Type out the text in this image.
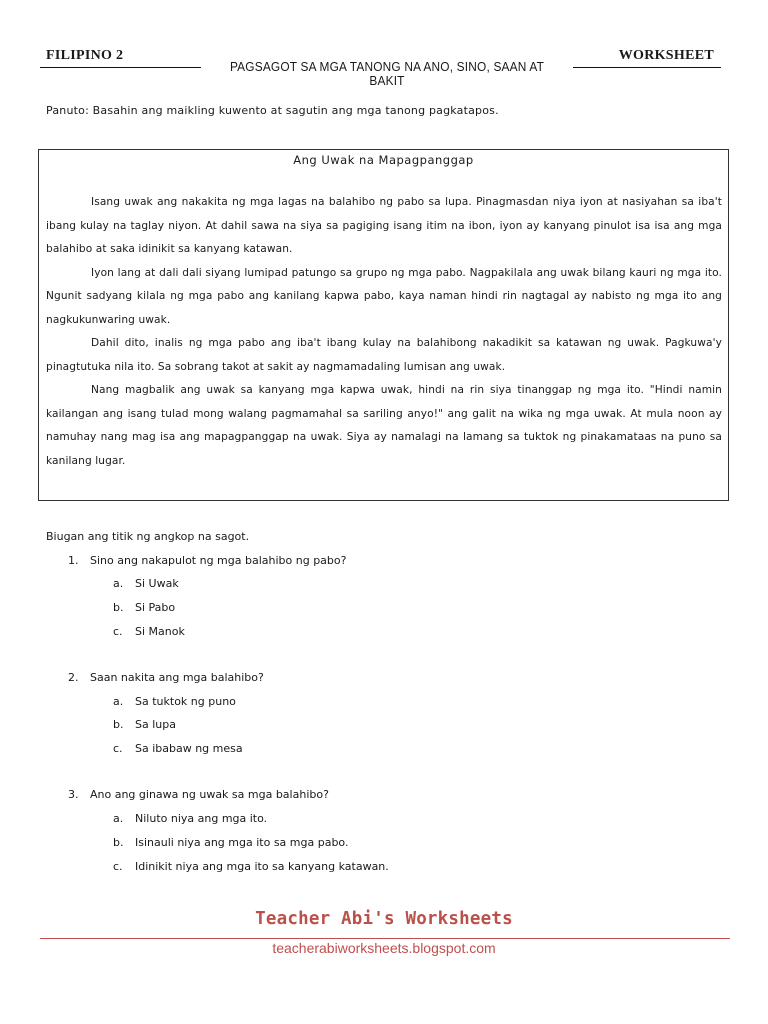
FILIPINO 2
PAGSAGOT SA MGA TANONG NA ANO, SINO, SAAN AT BAKIT
WORKSHEET
Panuto: Basahin ang maikling kuwento at sagutin ang mga tanong pagkatapos.
Ang Uwak na Mapagpanggap

Isang uwak ang nakakita ng mga lagas na balahibo ng pabo sa lupa. Pinagmasdan niya iyon at nasiyahan sa iba't ibang kulay na taglay niyon. At dahil sawa na siya sa pagiging isang itim na ibon, iyon ay kanyang pinulot isa isa ang mga balahibo at saka idinikit sa kanyang katawan.

Iyon lang at dali dali siyang lumipad patungo sa grupo ng mga pabo. Nagpakilala ang uwak bilang kauri ng mga ito. Ngunit sadyang kilala ng mga pabo ang kanilang kapwa pabo, kaya naman hindi rin nagtagal ay nabisto ng mga ito ang nagkukunwaring uwak.

Dahil dito, inalis ng mga pabo ang iba't ibang kulay na balahibong nakadikit sa katawan ng uwak. Pagkuwa'y pinagtutuka nila ito. Sa sobrang takot at sakit ay nagmamadaling lumisan ang uwak.

Nang magbalik ang uwak sa kanyang mga kapwa uwak, hindi na rin siya tinanggap ng mga ito. "Hindi namin kailangan ang isang tulad mong walang pagmamahal sa sariling anyo!" ang galit na wika ng mga uwak. At mula noon ay namuhay nang mag isa ang mapagpanggap na uwak. Siya ay namalagi na lamang sa tuktok ng pinakamataas na puno sa kanilang lugar.

Biugan ang titik ng angkop na sagot.
1. Sino ang nakapulot ng mga balahibo ng pabo?
a. Si Uwak
b. Si Pabo
c. Si Manok
2. Saan nakita ang mga balahibo?
a. Sa tuktok ng puno
b. Sa lupa
c. Sa ibabaw ng mesa
3. Ano ang ginawa ng uwak sa mga balahibo?
a. Niluto niya ang mga ito.
b. Isinauli niya ang mga ito sa mga pabo.
c. Idinikit niya ang mga ito sa kanyang katawan.
Teacher Abi's Worksheets
teacherabiworksheets.blogspot.com
